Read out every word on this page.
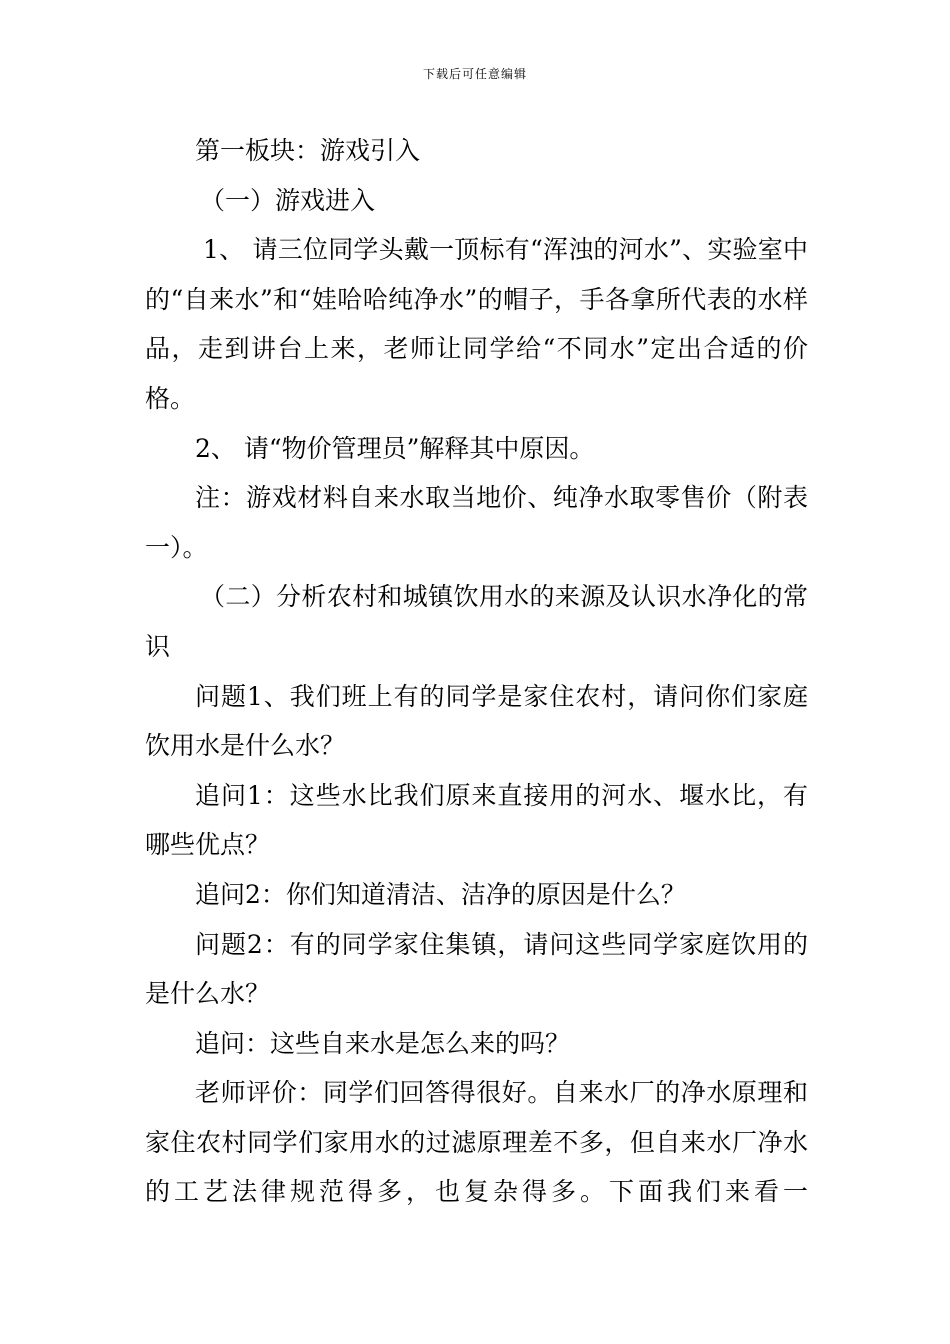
下载后可任意编辑

第一板块：游戏引入

（一）游戏进入

1、 请三位同学头戴一顶标有“浑浊的河水”、实验室中的“自来水”和“娃哈哈纯净水”的帽子，手各拿所代表的水样品，走到讲台上来，老师让同学给“不同水”定出合适的价格。

2、 请“物价管理员”解释其中原因。

注：游戏材料自来水取当地价、纯净水取零售价（附表一）。

（二）分析农村和城镇饮用水的来源及认识水净化的常识

问题1、我们班上有的同学是家住农村，请问你们家庭饮用水是什么水？

追问1：这些水比我们原来直接用的河水、堰水比，有哪些优点？

追问2：你们知道清洁、洁净的原因是什么？

问题2：有的同学家住集镇，请问这些同学家庭饮用的是什么水？

追问：这些自来水是怎么来的吗？

老师评价：同学们回答得很好。自来水厂的净水原理和家住农村同学们家用水的过滤原理差不多，但自来水厂净水的工艺法律规范得多，也复杂得多。下面我们来看一
